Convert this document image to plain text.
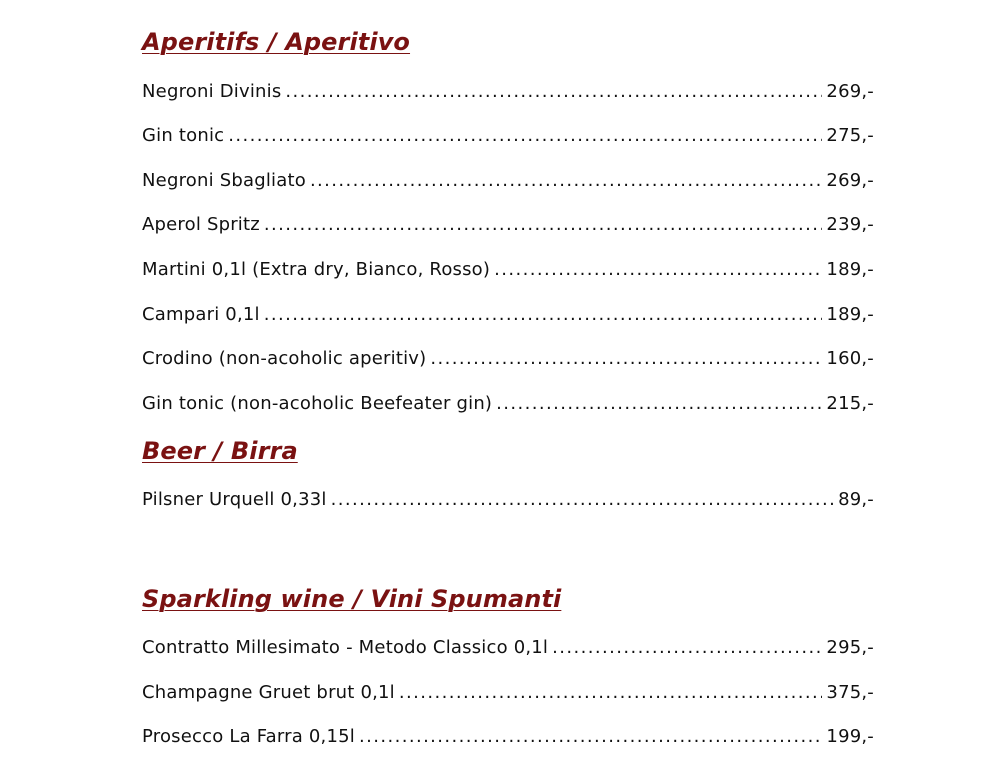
Aperitifs / Aperitivo
Negroni Divinis .....	269,-
Gin tonic .....	275,-
Negroni Sbagliato .....	269,-
Aperol Spritz .....	239,-
Martini 0,1l (Extra dry, Bianco, Rosso) .....	189,-
Campari 0,1l .....	189,-
Crodino (non-acoholic aperitiv) .....	160,-
Gin tonic (non-acoholic Beefeater gin) .....	215,-
Beer / Birra
Pilsner Urquell 0,33l .....	89,-
Sparkling wine / Vini Spumanti
Contratto Millesimato - Metodo Classico 0,1l .....	295,-
Champagne Gruet brut 0,1l .....	375,-
Prosecco La Farra 0,15l .....	199,-
